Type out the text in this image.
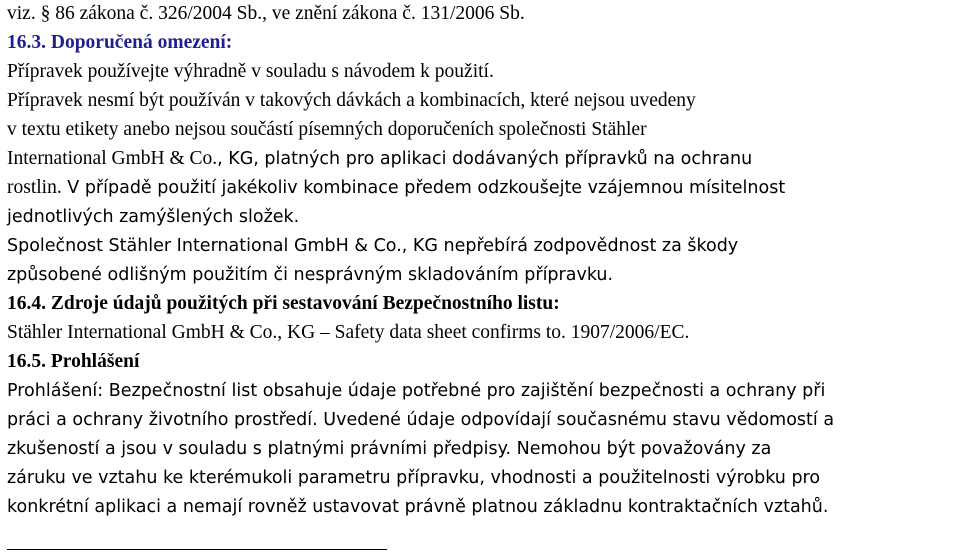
viz. § 86 zákona č. 326/2004 Sb., ve znění zákona č. 131/2006 Sb.
16.3. Doporučená omezení:
Přípravek používejte výhradně v souladu s návodem k použití.
Přípravek nesmí být používán v takových dávkách a kombinacích, které nejsou uvedeny
v textu etikety anebo nejsou součástí písemných doporučeních společnosti Stähler
International GmbH & Co., KG, platných pro aplikaci dodávaných přípravků na ochranu
rostlin. V případě použití jakékoliv kombinace předem odzkoušejte vzájemnou mísitelnost
jednotlivých zamýšlených složek.
Společnost Stähler International GmbH & Co., KG nepřebírá zodpovědnost za škody
způsobené odlišným použitím či nesprávným skladováním přípravku.
16.4. Zdroje údajů použitých při sestavování Bezpečnostního listu:
Stähler International GmbH & Co., KG – Safety data sheet confirms to. 1907/2006/EC.
16.5. Prohlášení
Prohlášení: Bezpečnostní list obsahuje údaje potřebné pro zajištění bezpečnosti a ochrany při
práci a ochrany životního prostředí. Uvedené údaje odpovídají současnému stavu vědomostí a
zkušeností a jsou v souladu s platnými právními předpisy. Nemohou být považovány za
záruku ve vztahu ke kterémukoli parametru přípravku, vhodnosti a použitelnosti výrobku pro
konkrétní aplikaci a nemají rovněž ustavovat právně platnou základnu kontraktačních vztahů.
